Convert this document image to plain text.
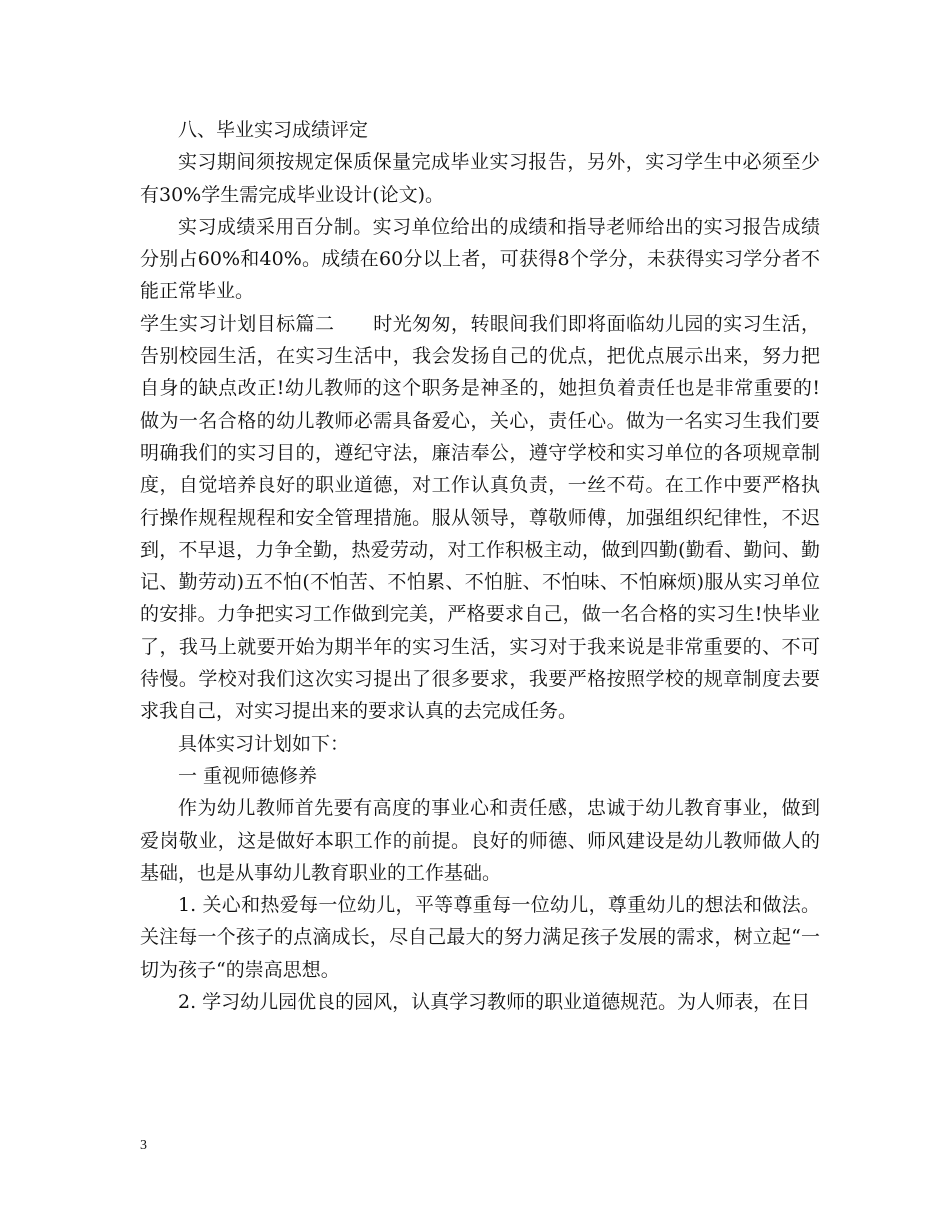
八、毕业实习成绩评定

实习期间须按规定保质保量完成毕业实习报告，另外，实习学生中必须至少有30%学生需完成毕业设计(论文)。

实习成绩采用百分制。实习单位给出的成绩和指导老师给出的实习报告成绩分别占60%和40%。成绩在60分以上者，可获得8个学分，未获得实习学分者不能正常毕业。

学生实习计划目标篇二　　时光匆匆，转眼间我们即将面临幼儿园的实习生活，告别校园生活，在实习生活中，我会发扬自己的优点，把优点展示出来，努力把自身的缺点改正!幼儿教师的这个职务是神圣的，她担负着责任也是非常重要的!做为一名合格的幼儿教师必需具备爱心，关心，责任心。做为一名实习生我们要明确我们的实习目的，遵纪守法，廉洁奉公，遵守学校和实习单位的各项规章制度，自觉培养良好的职业道德，对工作认真负责，一丝不苟。在工作中要严格执行操作规程规程和安全管理措施。服从领导，尊敬师傅，加强组织纪律性，不迟到，不早退，力争全勤，热爱劳动，对工作积极主动，做到四勤(勤看、勤问、勤记、勤劳动)五不怕(不怕苦、不怕累、不怕脏、不怕味、不怕麻烦)服从实习单位的安排。力争把实习工作做到完美，严格要求自己，做一名合格的实习生!快毕业了，我马上就要开始为期半年的实习生活，实习对于我来说是非常重要的、不可待慢。学校对我们这次实习提出了很多要求，我要严格按照学校的规章制度去要求我自己，对实习提出来的要求认真的去完成任务。

具体实习计划如下：

一 重视师德修养

作为幼儿教师首先要有高度的事业心和责任感，忠诚于幼儿教育事业，做到爱岗敬业，这是做好本职工作的前提。良好的师德、师风建设是幼儿教师做人的基础，也是从事幼儿教育职业的工作基础。

1. 关心和热爱每一位幼儿，平等尊重每一位幼儿，尊重幼儿的想法和做法。关注每一个孩子的点滴成长，尽自己最大的努力满足孩子发展的需求，树立起“一切为孩子“的崇高思想。

2. 学习幼儿园优良的园风，认真学习教师的职业道德规范。为人师表，在日

3
